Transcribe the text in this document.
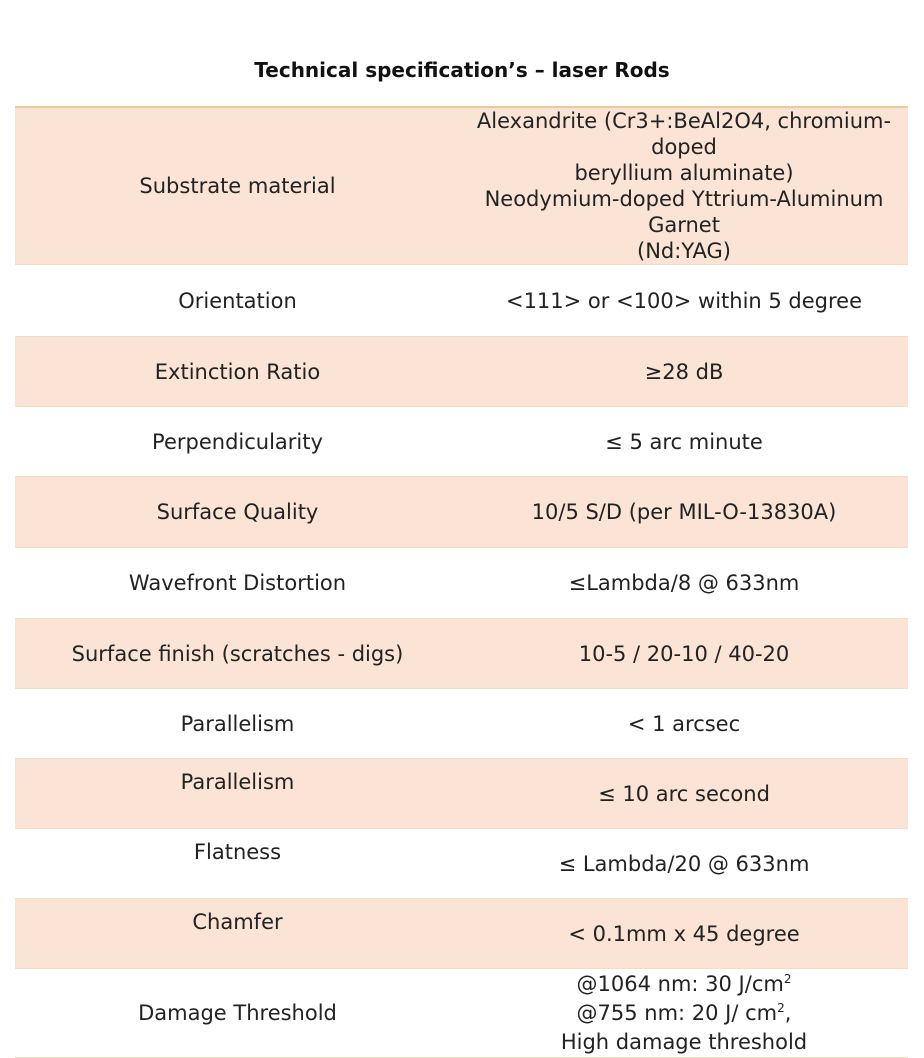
Technical specification’s – laser Rods
Substrate material	Alexandrite (Cr3+:BeAl2O4, chromium-doped
beryllium aluminate)
Neodymium-doped Yttrium-Aluminum Garnet
(Nd:YAG)

Orientation	<111> or <100> within 5 degree
Extinction Ratio	≥28 dB
Perpendicularity	≤ 5 arc minute
Surface Quality	10/5 S/D (per MIL-O-13830A)
Wavefront Distortion	≤Lambda/8 @ 633nm
Surface finish (scratches - digs)	10-5 / 20-10 / 40-20
Parallelism	< 1 arcsec
Parallelism	≤ 10 arc second
Flatness	≤ Lambda/20 @ 633nm
Chamfer	< 0.1mm x 45 degree
Damage Threshold	@1064 nm: 30 $J/cm^2$
@755 nm: 20 J/ $cm^2$,
High damage threshold
